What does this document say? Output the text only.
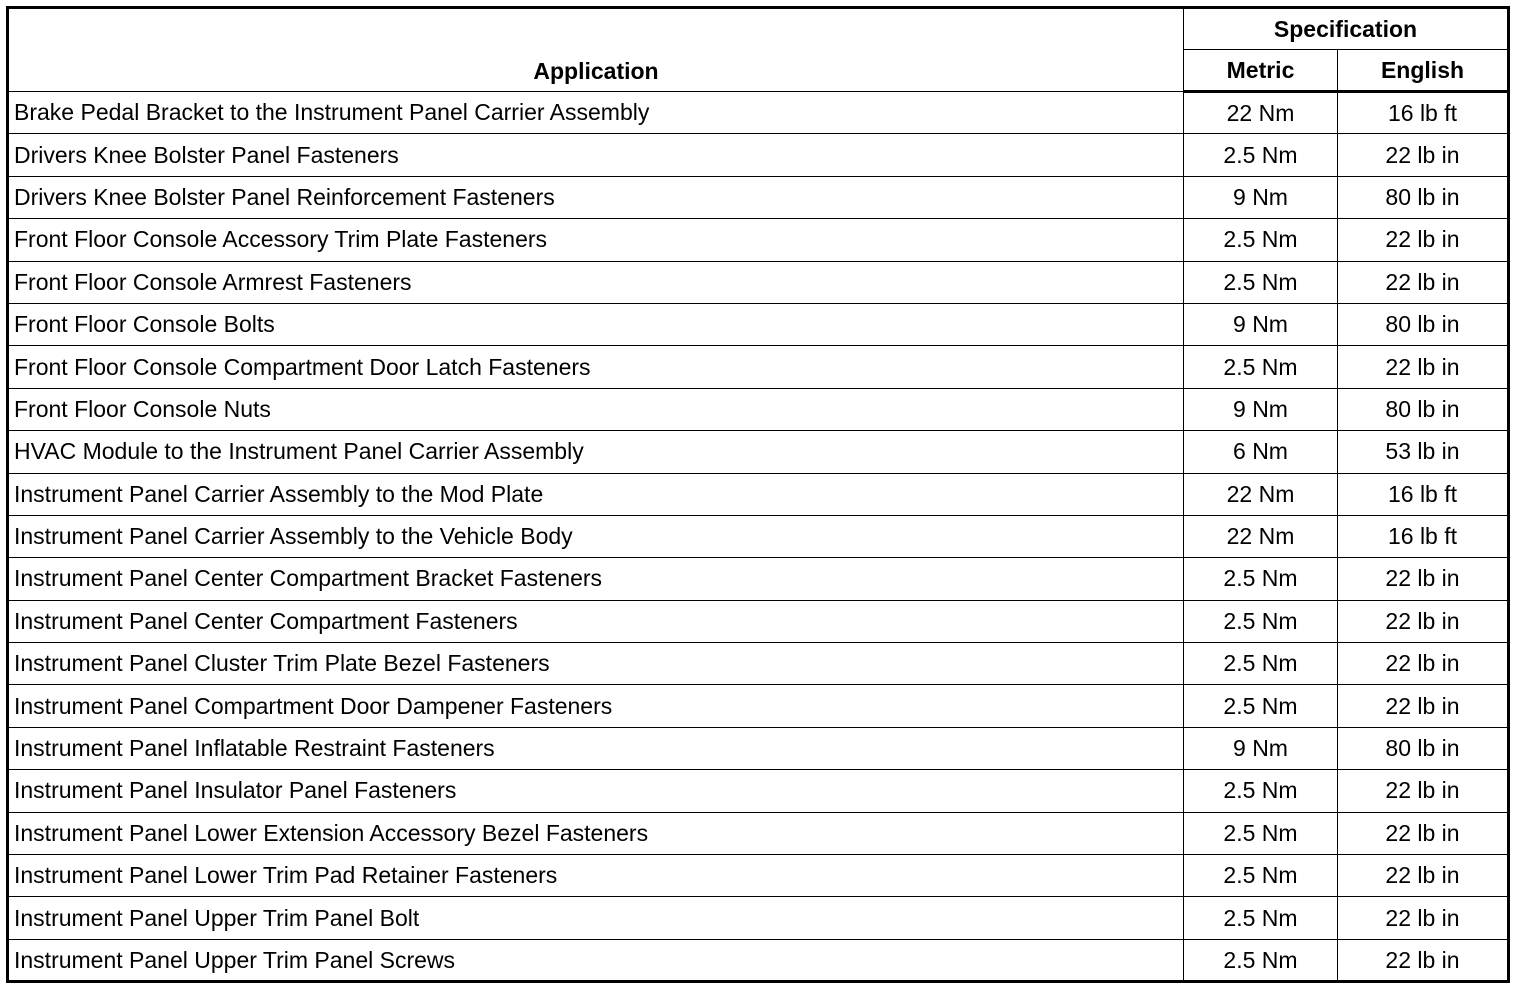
Application	Specification	
	Metric	English
Brake Pedal Bracket to the Instrument Panel Carrier Assembly	22 Nm	16 lb ft
Drivers Knee Bolster Panel Fasteners	2.5 Nm	22 lb in
Drivers Knee Bolster Panel Reinforcement Fasteners	9 Nm	80 lb in
Front Floor Console Accessory Trim Plate Fasteners	2.5 Nm	22 lb in
Front Floor Console Armrest Fasteners	2.5 Nm	22 lb in
Front Floor Console Bolts	9 Nm	80 lb in
Front Floor Console Compartment Door Latch Fasteners	2.5 Nm	22 lb in
Front Floor Console Nuts	9 Nm	80 lb in
HVAC Module to the Instrument Panel Carrier Assembly	6 Nm	53 lb in
Instrument Panel Carrier Assembly to the Mod Plate	22 Nm	16 lb ft
Instrument Panel Carrier Assembly to the Vehicle Body	22 Nm	16 lb ft
Instrument Panel Center Compartment Bracket Fasteners	2.5 Nm	22 lb in
Instrument Panel Center Compartment Fasteners	2.5 Nm	22 lb in
Instrument Panel Cluster Trim Plate Bezel Fasteners	2.5 Nm	22 lb in
Instrument Panel Compartment Door Dampener Fasteners	2.5 Nm	22 lb in
Instrument Panel Inflatable Restraint Fasteners	9 Nm	80 lb in
Instrument Panel Insulator Panel Fasteners	2.5 Nm	22 lb in
Instrument Panel Lower Extension Accessory Bezel Fasteners	2.5 Nm	22 lb in
Instrument Panel Lower Trim Pad Retainer Fasteners	2.5 Nm	22 lb in
Instrument Panel Upper Trim Panel Bolt	2.5 Nm	22 lb in
Instrument Panel Upper Trim Panel Screws	2.5 Nm	22 lb in
